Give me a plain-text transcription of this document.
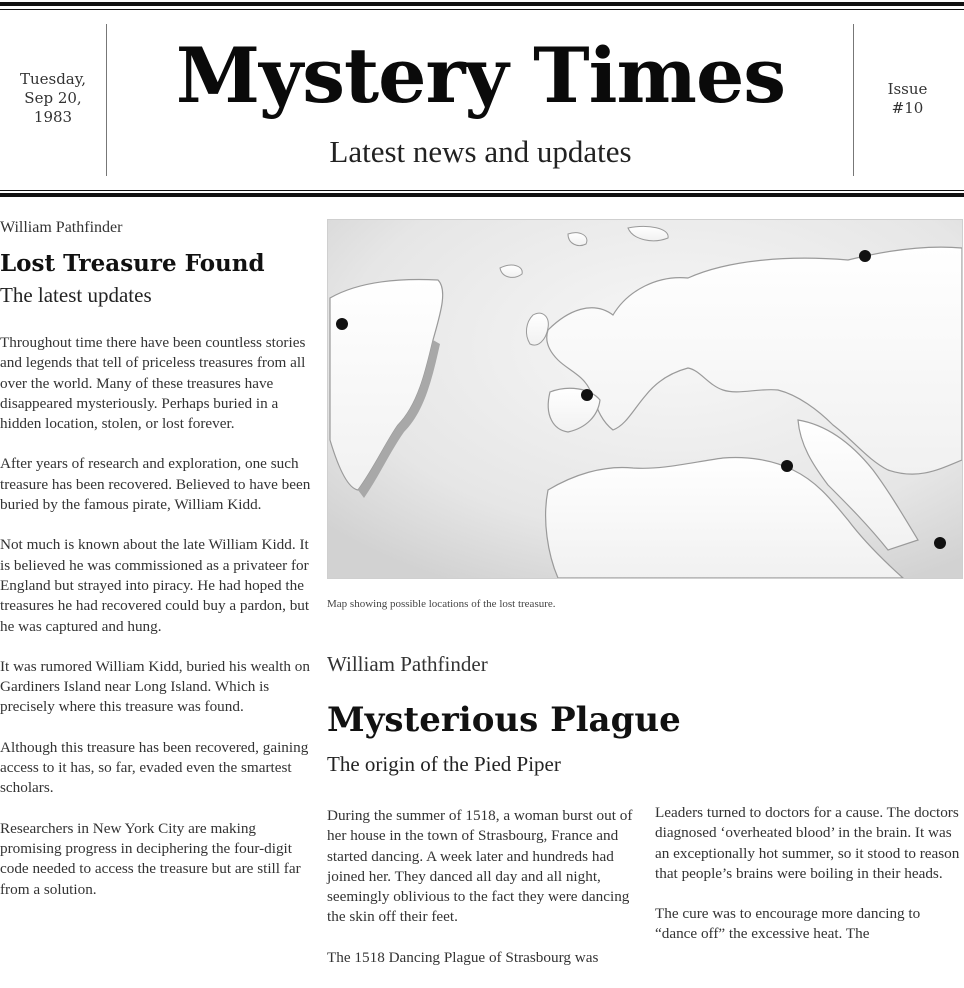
Tuesday,
Sep 20,
1983	Mystery Times
Latest news and updates
Issue
#10
William Pathfinder
Lost Treasure Found
The latest updates

Throughout time there have been countless stories and legends that tell of priceless treasures from all over the world. Many of these treasures have disappeared mysteriously. Perhaps buried in a hidden location, stolen, or lost forever.

After years of research and exploration, one such treasure has been recovered. Believed to have been buried by the famous pirate, William Kidd.

Not much is known about the late William Kidd. It is believed he was commissioned as a privateer for England but strayed into piracy. He had hoped the treasures he had recovered could buy a pardon, but he was captured and hung.

It was rumored William Kidd, buried his wealth on Gardiners Island near Long Island. Which is precisely where this treasure was found.

Although this treasure has been recovered, gaining access to it has, so far, evaded even the smartest scholars.

Researchers in New York City are making promising progress in deciphering the four-digit code needed to access the treasure but are still far from a solution.

Map showing possible locations of the lost treasure.
William Pathfinder
Mysterious Plague
The origin of the Pied Piper

During the summer of 1518, a woman burst out of her house in the town of Strasbourg, France and started dancing. A week later and hundreds had joined her. They danced all day and all night, seemingly oblivious to the fact they were dancing the skin off their feet.

The 1518 Dancing Plague of Strasbourg was

Leaders turned to doctors for a cause. The doctors diagnosed ‘overheated blood’ in the brain. It was an exceptionally hot summer, so it stood to reason that people’s brains were boiling in their heads.

The cure was to encourage more dancing to “dance off” the excessive heat. The
